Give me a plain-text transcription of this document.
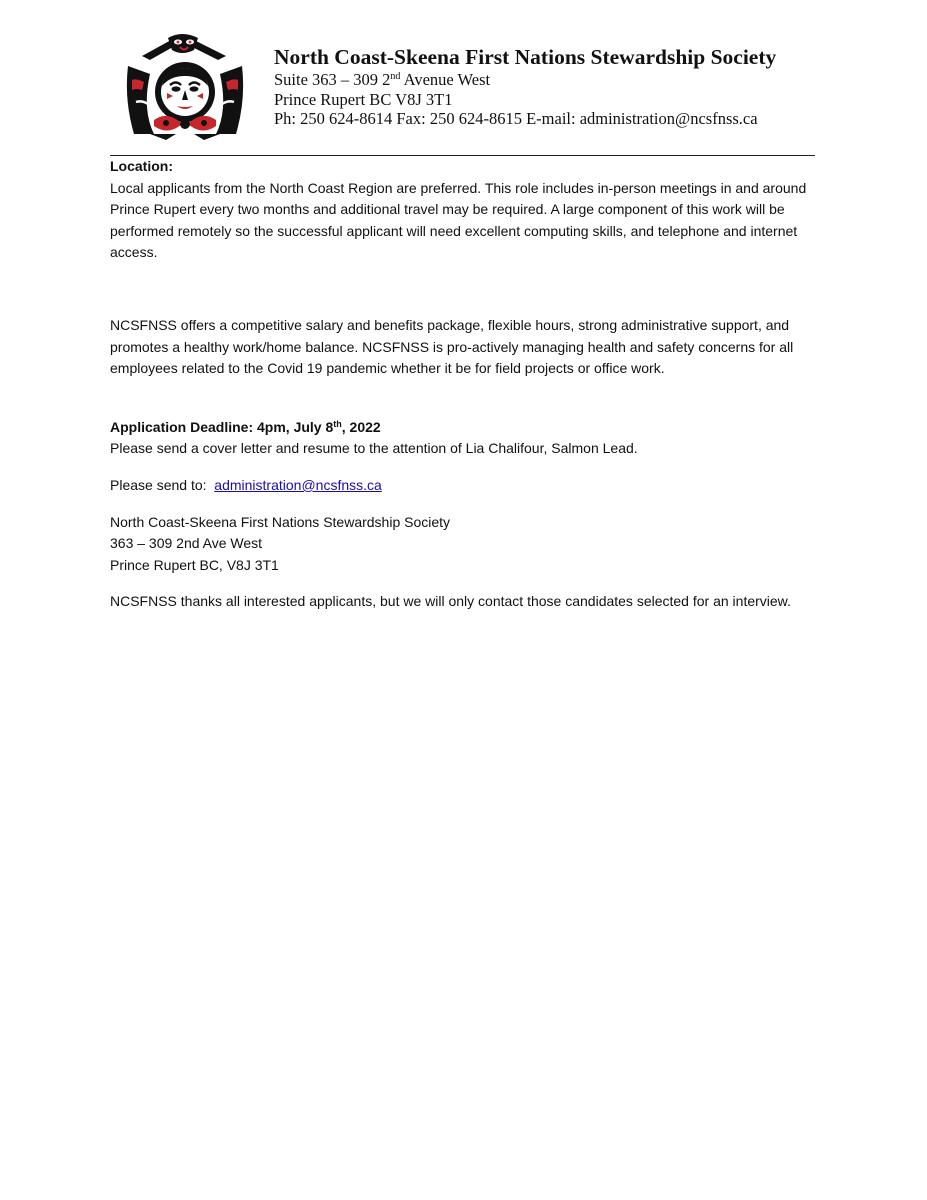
North Coast-Skeena First Nations Stewardship Society
Suite 363 – 309 2nd Avenue West
Prince Rupert BC V8J 3T1
Ph: 250 624-8614 Fax: 250 624-8615 E-mail: administration@ncsfnss.ca

Location:

Local applicants from the North Coast Region are preferred. This role includes in-person meetings in and around Prince Rupert every two months and additional travel may be required. A large component of this work will be performed remotely so the successful applicant will need excellent computing skills, and telephone and internet access.

NCSFNSS offers a competitive salary and benefits package, flexible hours, strong administrative support, and promotes a healthy work/home balance. NCSFNSS is pro-actively managing health and safety concerns for all employees related to the Covid 19 pandemic whether it be for field projects or office work.

Application Deadline: 4pm, July 8th, 2022

Please send a cover letter and resume to the attention of Lia Chalifour, Salmon Lead.

Please send to: administration@ncsfnss.ca

North Coast-Skeena First Nations Stewardship Society

363 – 309 2nd Ave West

Prince Rupert BC, V8J 3T1

NCSFNSS thanks all interested applicants, but we will only contact those candidates selected for an interview.
